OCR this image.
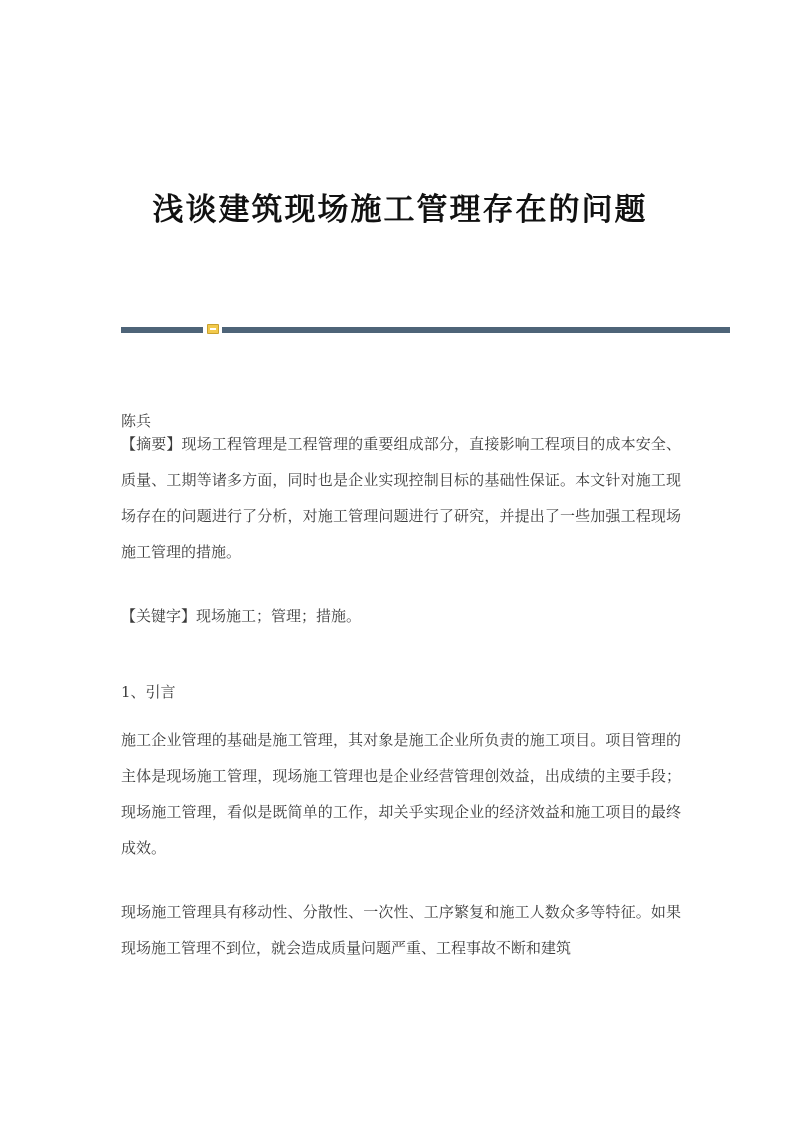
浅谈建筑现场施工管理存在的问题

陈兵

【摘要】现场工程管理是工程管理的重要组成部分，直接影响工程项目的成本安全、质量、工期等诸多方面，同时也是企业实现控制目标的基础性保证。本文针对施工现场存在的问题进行了分析，对施工管理问题进行了研究，并提出了一些加强工程现场施工管理的措施。

【关键字】现场施工；管理；措施。

1、引言

施工企业管理的基础是施工管理，其对象是施工企业所负责的施工项目。项目管理的主体是现场施工管理，现场施工管理也是企业经营管理创效益，出成绩的主要手段；现场施工管理，看似是既简单的工作，却关乎实现企业的经济效益和施工项目的最终成效。

现场施工管理具有移动性、分散性、一次性、工序繁复和施工人数众多等特征。如果现场施工管理不到位，就会造成质量问题严重、工程事故不断和建筑
